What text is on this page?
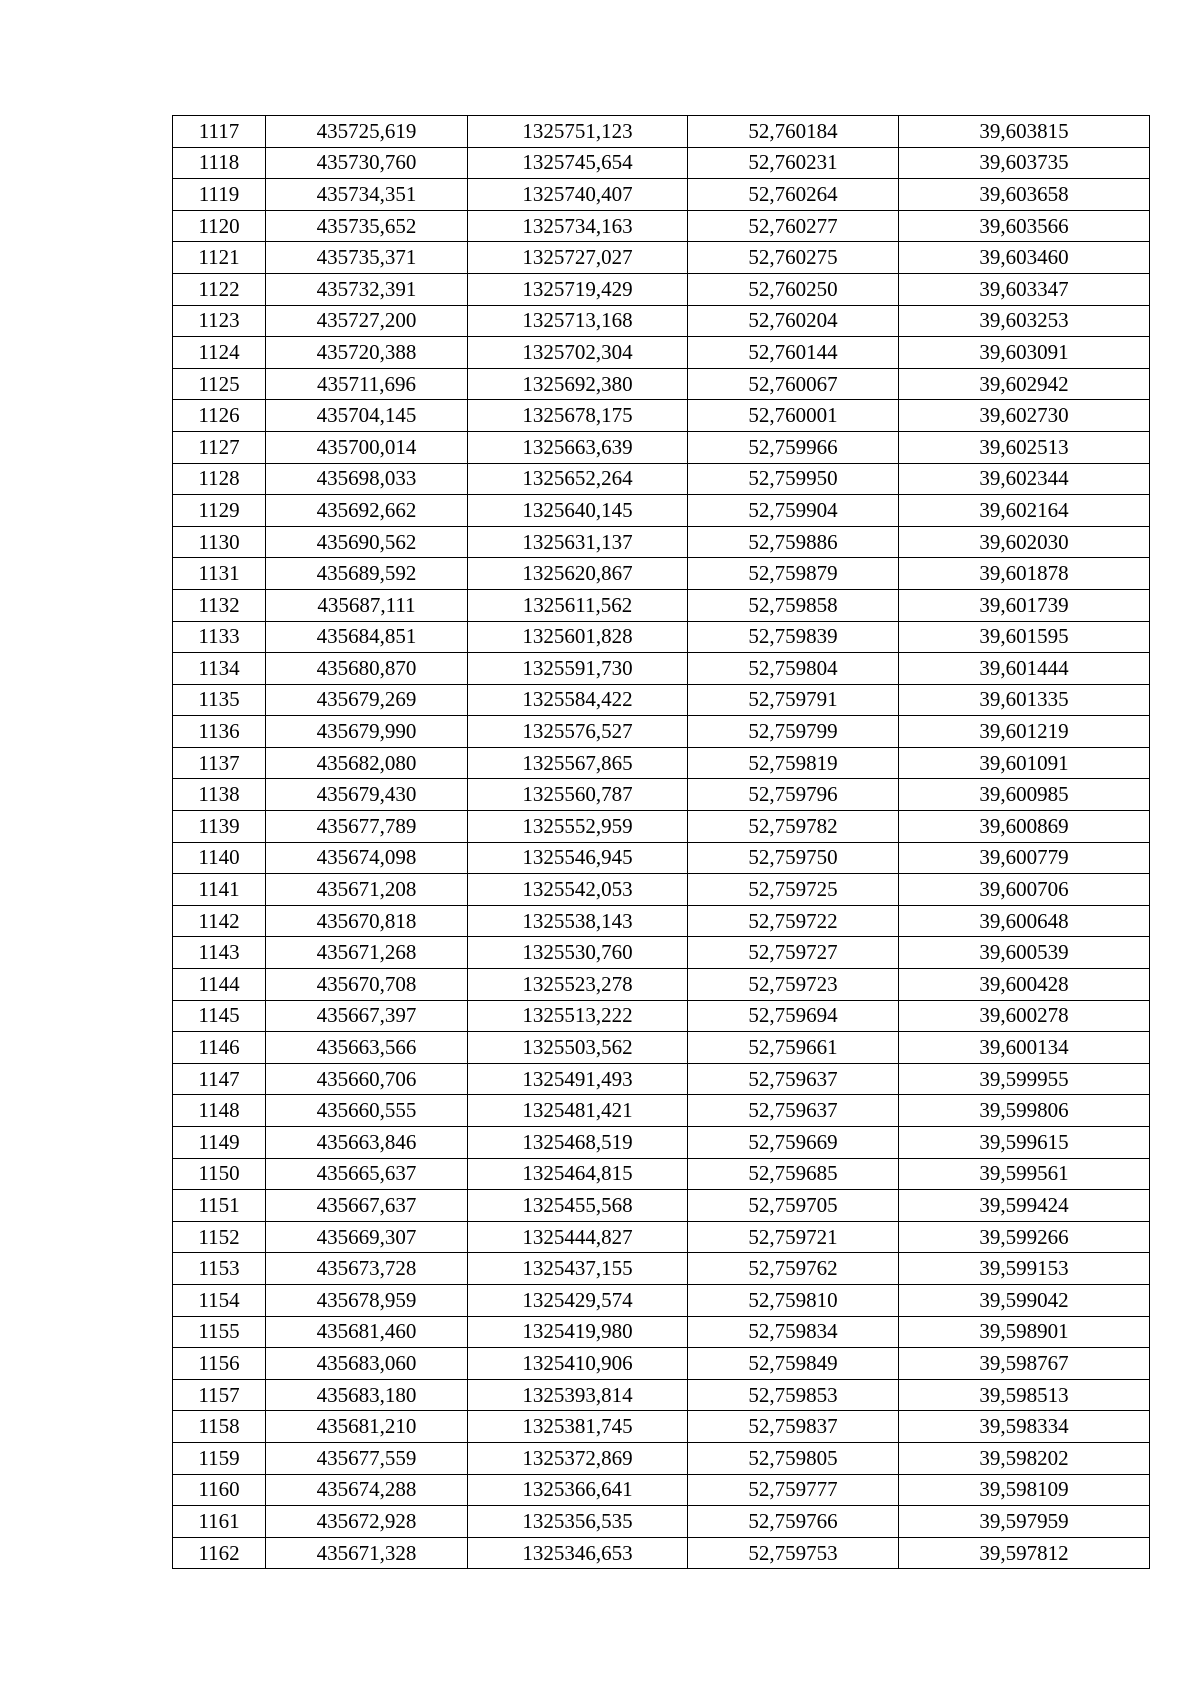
1117	435725,619	1325751,123	52,760184	39,603815
1118	435730,760	1325745,654	52,760231	39,603735
1119	435734,351	1325740,407	52,760264	39,603658
1120	435735,652	1325734,163	52,760277	39,603566
1121	435735,371	1325727,027	52,760275	39,603460
1122	435732,391	1325719,429	52,760250	39,603347
1123	435727,200	1325713,168	52,760204	39,603253
1124	435720,388	1325702,304	52,760144	39,603091
1125	435711,696	1325692,380	52,760067	39,602942
1126	435704,145	1325678,175	52,760001	39,602730
1127	435700,014	1325663,639	52,759966	39,602513
1128	435698,033	1325652,264	52,759950	39,602344
1129	435692,662	1325640,145	52,759904	39,602164
1130	435690,562	1325631,137	52,759886	39,602030
1131	435689,592	1325620,867	52,759879	39,601878
1132	435687,111	1325611,562	52,759858	39,601739
1133	435684,851	1325601,828	52,759839	39,601595
1134	435680,870	1325591,730	52,759804	39,601444
1135	435679,269	1325584,422	52,759791	39,601335
1136	435679,990	1325576,527	52,759799	39,601219
1137	435682,080	1325567,865	52,759819	39,601091
1138	435679,430	1325560,787	52,759796	39,600985
1139	435677,789	1325552,959	52,759782	39,600869
1140	435674,098	1325546,945	52,759750	39,600779
1141	435671,208	1325542,053	52,759725	39,600706
1142	435670,818	1325538,143	52,759722	39,600648
1143	435671,268	1325530,760	52,759727	39,600539
1144	435670,708	1325523,278	52,759723	39,600428
1145	435667,397	1325513,222	52,759694	39,600278
1146	435663,566	1325503,562	52,759661	39,600134
1147	435660,706	1325491,493	52,759637	39,599955
1148	435660,555	1325481,421	52,759637	39,599806
1149	435663,846	1325468,519	52,759669	39,599615
1150	435665,637	1325464,815	52,759685	39,599561
1151	435667,637	1325455,568	52,759705	39,599424
1152	435669,307	1325444,827	52,759721	39,599266
1153	435673,728	1325437,155	52,759762	39,599153
1154	435678,959	1325429,574	52,759810	39,599042
1155	435681,460	1325419,980	52,759834	39,598901
1156	435683,060	1325410,906	52,759849	39,598767
1157	435683,180	1325393,814	52,759853	39,598513
1158	435681,210	1325381,745	52,759837	39,598334
1159	435677,559	1325372,869	52,759805	39,598202
1160	435674,288	1325366,641	52,759777	39,598109
1161	435672,928	1325356,535	52,759766	39,597959
1162	435671,328	1325346,653	52,759753	39,597812
